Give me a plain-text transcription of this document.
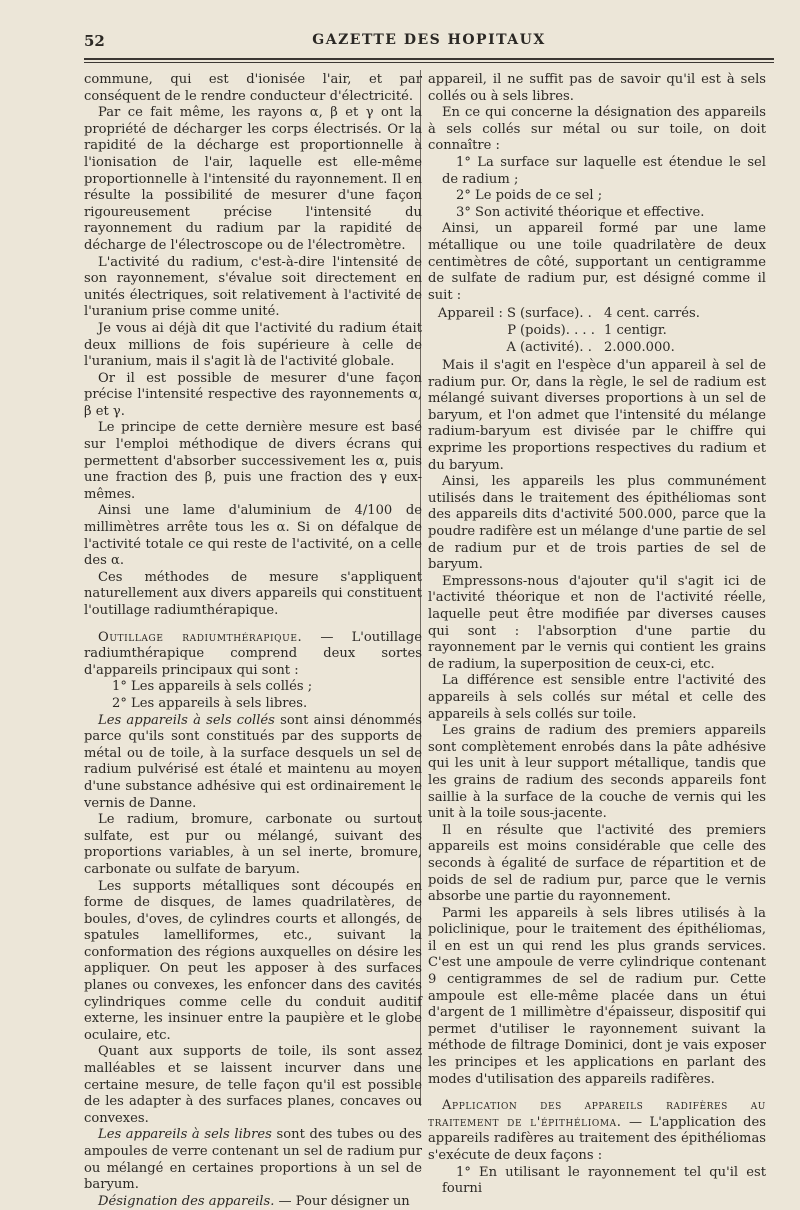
52	GAZETTE DES HOPITAUX

commune, qui est d'ionisée l'air, et par conséquent de le rendre conducteur d'électricité.

Par ce fait même, les rayons α, β et γ ont la propriété de décharger les corps électrisés. Or la rapidité de la décharge est proportionnelle à l'ionisation de l'air, laquelle est elle-même proportionnelle à l'intensité du rayonnement. Il en résulte la possibilité de mesurer d'une façon rigoureusement précise l'intensité du rayonnement du radium par la rapidité de décharge de l'électroscope ou de l'électromètre.

L'activité du radium, c'est-à-dire l'intensité de son rayonnement, s'évalue soit directement en unités électriques, soit relativement à l'activité de l'uranium prise comme unité.

Je vous ai déjà dit que l'activité du radium était deux millions de fois supérieure à celle de l'uranium, mais il s'agit là de l'activité globale.

Or il est possible de mesurer d'une façon précise l'intensité respective des rayonnements α, β et γ.

Le principe de cette dernière mesure est basé sur l'emploi méthodique de divers écrans qui permettent d'absorber successivement les α, puis une fraction des β, puis une fraction des γ eux-mêmes.

Ainsi une lame d'aluminium de 4/100 de millimètres arrête tous les α. Si on défalque de l'activité totale ce qui reste de l'activité, on a celle des α.

Ces méthodes de mesure s'appliquent naturellement aux divers appareils qui constituent l'outillage radiumthérapique.

Outillage radiumthérapique. — L'outillage radiumthérapique comprend deux sortes d'appareils principaux qui sont :

1° Les appareils à sels collés ;

2° Les appareils à sels libres.

Les appareils à sels collés sont ainsi dénommés parce qu'ils sont constitués par des supports de métal ou de toile, à la surface desquels un sel de radium pulvérisé est étalé et maintenu au moyen d'une substance adhésive qui est ordinairement le vernis de Danne.

Le radium, bromure, carbonate ou surtout sulfate, est pur ou mélangé, suivant des proportions variables, à un sel inerte, bromure, carbonate ou sulfate de baryum.

Les supports métalliques sont découpés en forme de disques, de lames quadrilatères, de boules, d'oves, de cylindres courts et allongés, de spatules lamelliformes, etc., suivant la conformation des régions auxquelles on désire les appliquer. On peut les apposer à des surfaces planes ou convexes, les enfoncer dans des cavités cylindriques comme celle du conduit auditif externe, les insinuer entre la paupière et le globe oculaire, etc.

Quant aux supports de toile, ils sont assez malléables et se laissent incurver dans une certaine mesure, de telle façon qu'il est possible de les adapter à des surfaces planes, concaves ou convexes.

Les appareils à sels libres sont des tubes ou des ampoules de verre contenant un sel de radium pur ou mélangé en certaines proportions à un sel de baryum.

Désignation des appareils. — Pour désigner un

appareil, il ne suffit pas de savoir qu'il est à sels collés ou à sels libres.

En ce qui concerne la désignation des appareils à sels collés sur métal ou sur toile, on doit connaître :

1° La surface sur laquelle est étendue le sel de radium ;

2° Le poids de ce sel ;

3° Son activité théorique et effective.

Ainsi, un appareil formé par une lame métallique ou une toile quadrilatère de deux centimètres de côté, supportant un centigramme de sulfate de radium pur, est désigné comme il suit :

Appareil : S (surface). . 4 cent. carrés.
P (poids). . . . 1 centigr.
A (activité). . 2.000.000.

Mais il s'agit en l'espèce d'un appareil à sel de radium pur. Or, dans la règle, le sel de radium est mélangé suivant diverses proportions à un sel de baryum, et l'on admet que l'intensité du mélange radium-baryum est divisée par le chiffre qui exprime les proportions respectives du radium et du baryum.

Ainsi, les appareils les plus communément utilisés dans le traitement des épithéliomas sont des appareils dits d'activité 500.000, parce que la poudre radifère est un mélange d'une partie de sel de radium pur et de trois parties de sel de baryum.

Empressons-nous d'ajouter qu'il s'agit ici de l'activité théorique et non de l'activité réelle, laquelle peut être modifiée par diverses causes qui sont : l'absorption d'une partie du rayonnement par le vernis qui contient les grains de radium, la superposition de ceux-ci, etc.

La différence est sensible entre l'activité des appareils à sels collés sur métal et celle des appareils à sels collés sur toile.

Les grains de radium des premiers appareils sont complètement enrobés dans la pâte adhésive qui les unit à leur support métallique, tandis que les grains de radium des seconds appareils font saillie à la surface de la couche de vernis qui les unit à la toile sous-jacente.

Il en résulte que l'activité des premiers appareils est moins considérable que celle des seconds à égalité de surface de répartition et de poids de sel de radium pur, parce que le vernis absorbe une partie du rayonnement.

Parmi les appareils à sels libres utilisés à la policlinique, pour le traitement des épithéliomas, il en est un qui rend les plus grands services. C'est une ampoule de verre cylindrique contenant 9 centigrammes de sel de radium pur. Cette ampoule est elle-même placée dans un étui d'argent de 1 millimètre d'épaisseur, dispositif qui permet d'utiliser le rayonnement suivant la méthode de filtrage Dominici, dont je vais exposer les principes et les applications en parlant des modes d'utilisation des appareils radifères.

Application des appareils radifères au traitement de l'épithélioma. — L'application des appareils radifères au traitement des épithéliomas s'exécute de deux façons :

1° En utilisant le rayonnement tel qu'il est fourni
